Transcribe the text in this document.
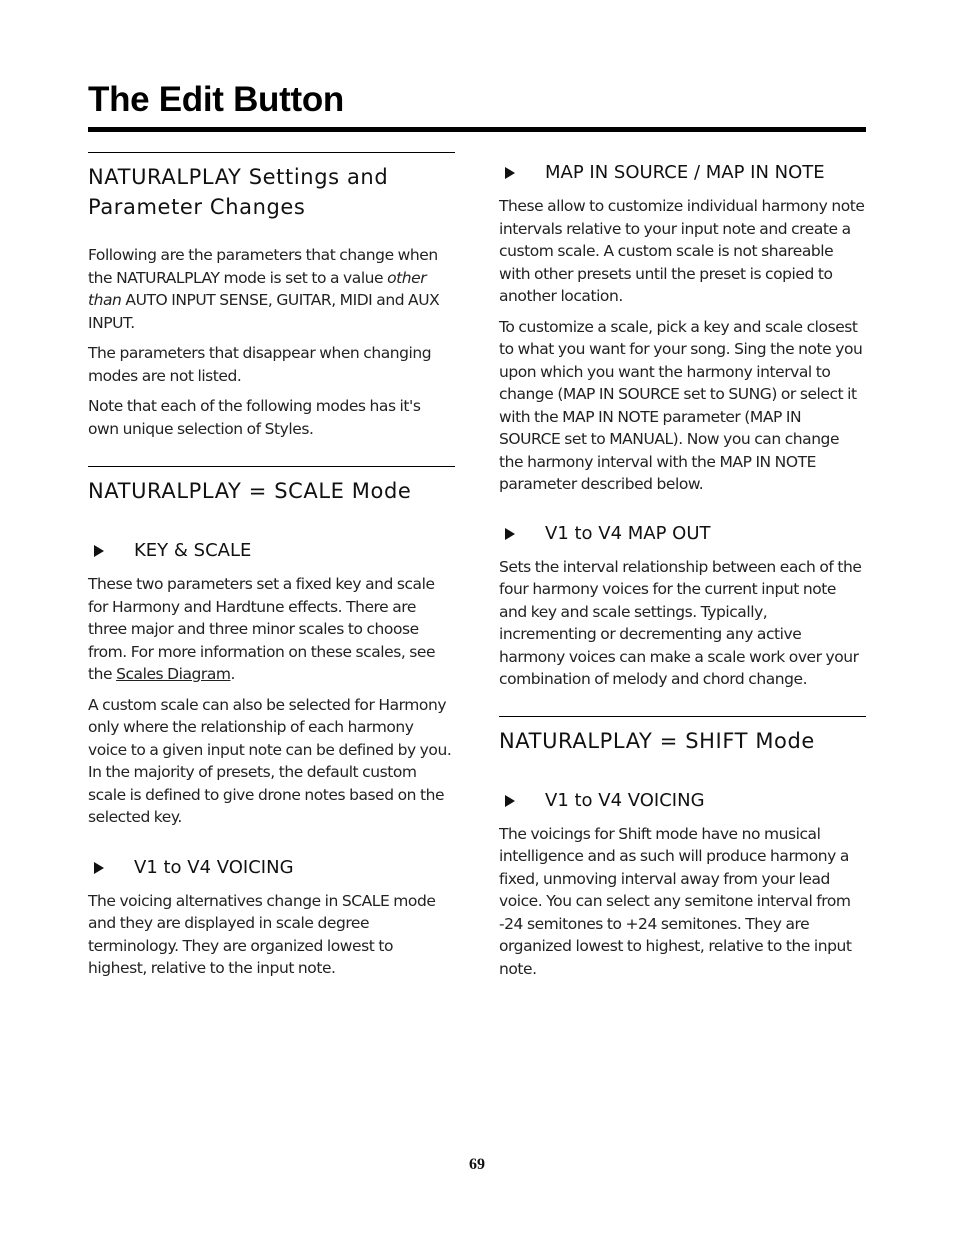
The Edit Button
NATURALPLAY Settings and Parameter Changes

Following are the parameters that change when the NATURALPLAY mode is set to a value other than AUTO INPUT SENSE, GUITAR, MIDI and AUX INPUT.

The parameters that disappear when changing modes are not listed.

Note that each of the following modes has it's own unique selection of Styles.

NATURALPLAY = SCALE Mode
KEY & SCALE

These two parameters set a fixed key and scale for Harmony and Hardtune effects. There are three major and three minor scales to choose from. For more information on these scales, see the Scales Diagram.

A custom scale can also be selected for Harmony only where the relationship of each harmony voice to a given input note can be defined by you. In the majority of presets, the default custom scale is defined to give drone notes based on the selected key.

V1 to V4 VOICING

The voicing alternatives change in SCALE mode and they are displayed in scale degree terminology. They are organized lowest to highest, relative to the input note.

MAP IN SOURCE / MAP IN NOTE

These allow to customize individual harmony note intervals relative to your input note and create a custom scale. A custom scale is not shareable with other presets until the preset is copied to another location.

To customize a scale, pick a key and scale closest to what you want for your song. Sing the note you upon which you want the harmony interval to change (MAP IN SOURCE set to SUNG) or select it with the MAP IN NOTE parameter (MAP IN SOURCE set to MANUAL). Now you can change the harmony interval with the MAP IN NOTE parameter described below.

V1 to V4 MAP OUT

Sets the interval relationship between each of the four harmony voices for the current input note and key and scale settings. Typically, incrementing or decrementing any active harmony voices can make a scale work over your combination of melody and chord change.

NATURALPLAY = SHIFT Mode
V1 to V4 VOICING

The voicings for Shift mode have no musical intelligence and as such will produce harmony a fixed, unmoving interval away from your lead voice. You can select any semitone interval from -24 semitones to +24 semitones. They are organized lowest to highest, relative to the input note.

69
